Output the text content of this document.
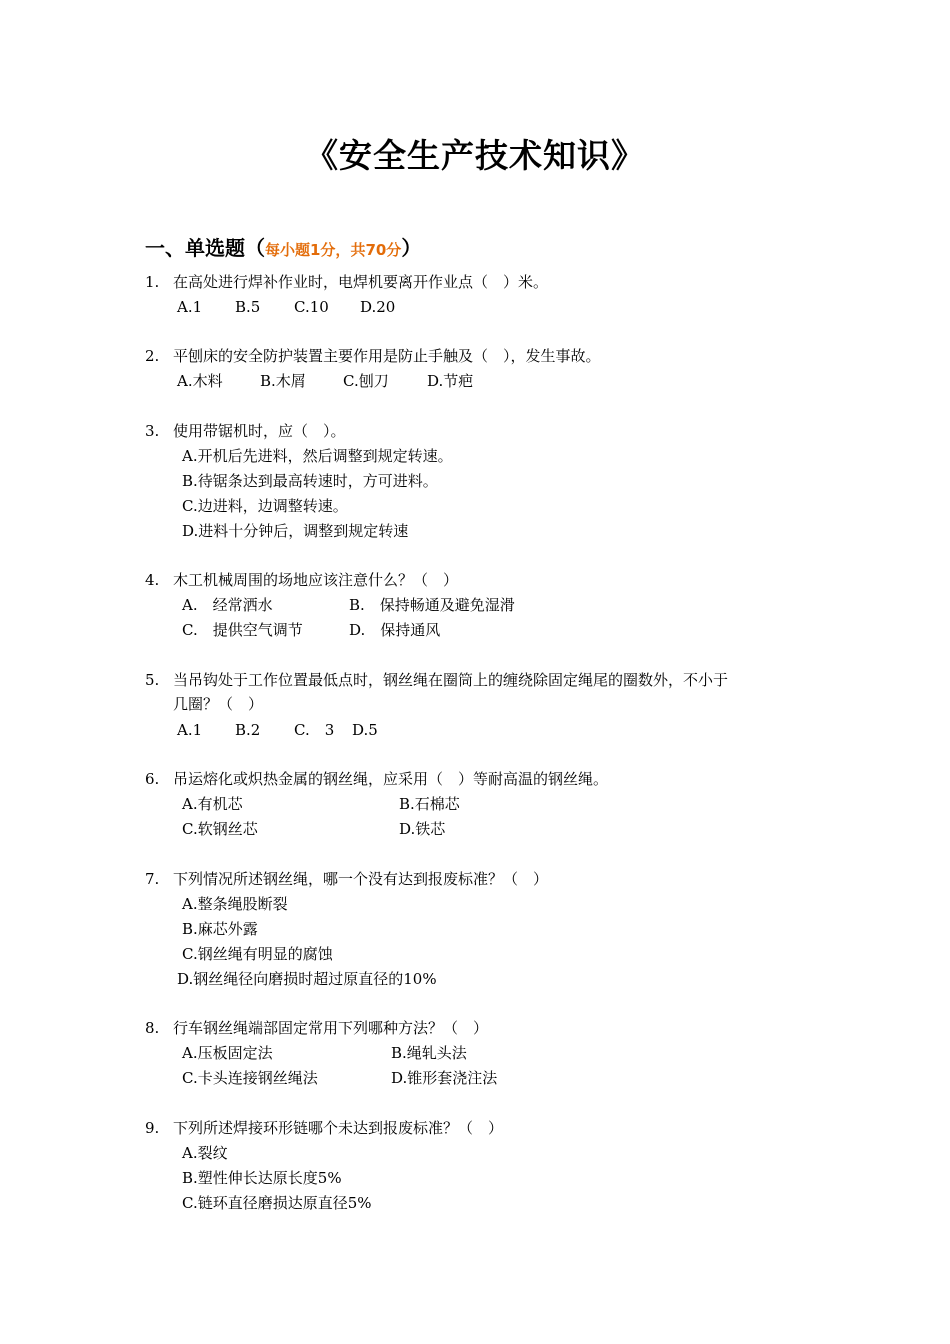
《安全生产技术知识》
一、单选题（每小题1分，共70分）
1. 在高处进行焊补作业时，电焊机要离开作业点（　）米。
A.1 B.5 C.10 D.20
2. 平刨床的安全防护装置主要作用是防止手触及（　），发生事故。
A.木料 B.木屑 C.刨刀	D.节疤
3. 使用带锯机时，应（　）。
A.开机后先进料，然后调整到规定转速。
B.待锯条达到最高转速时，方可进料。
C.边进料，边调整转速。
D.进料十分钟后，调整到规定转速
4. 木工机械周围的场地应该注意什么？（　）
A.　经常洒水	B.　保持畅通及避免湿滑
C.　提供空气调节	D.　保持通风
5. 当吊钩处于工作位置最低点时，钢丝绳在圈筒上的缠绕除固定绳尾的圈数外，不小于
几圈？（　）
A.1 B.2 C.　3 D.5
6. 吊运熔化或炽热金属的钢丝绳，应采用（　）等耐高温的钢丝绳。
A.有机芯	B.石棉芯
C.软钢丝芯	D.铁芯
7. 下列情况所述钢丝绳，哪一个没有达到报废标准？（　）
A.整条绳股断裂
B.麻芯外露
C.钢丝绳有明显的腐蚀
D.钢丝绳径向磨损时超过原直径的10%
8. 行车钢丝绳端部固定常用下列哪种方法？（　）
A.压板固定法	B.绳轧头法
C.卡头连接钢丝绳法	D.锥形套浇注法
9. 下列所述焊接环形链哪个未达到报废标准？（　）
A.裂纹
B.塑性伸长达原长度5%
C.链环直径磨损达原直径5%
